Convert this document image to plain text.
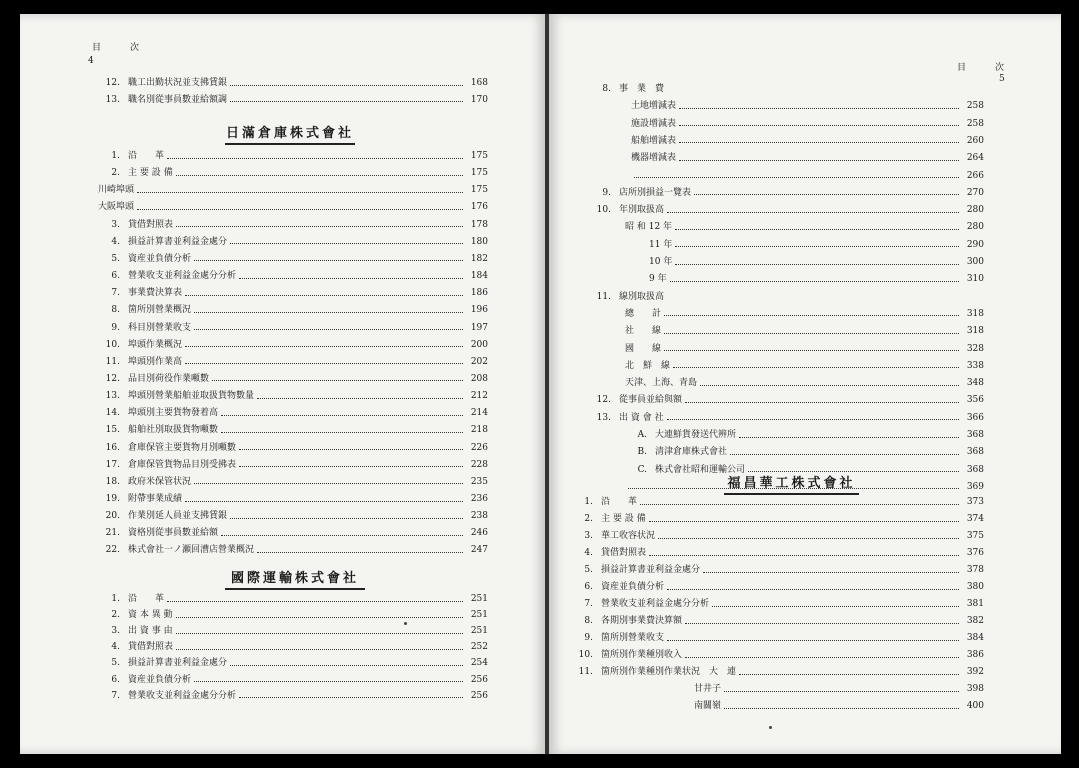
目　次
4
12. 職工出勤状況並支拂賃銀	168
13. 職名別從事員數並給額調	170
日滿倉庫株式會社
1. 沿　　革	175
2. 主 要 設 備	175
川崎埠頭	175
大阪埠頭	176
3. 貸借對照表	178
4. 損益計算書並利益金處分	180
5. 資産並負債分析	182
6. 營業收支並利益金處分分析	184
7. 事業費決算表	186
8. 箇所別營業概況	196
9. 科目別營業收支	197
10. 埠頭作業概況	200
11. 埠頭別作業高	202
12. 品目別荷役作業噸數	208
13. 埠頭別營業船舶並取扱貨物數量	212
14. 埠頭別主要貨物發着高	214
15. 船舶社別取扱貨物噸數	218
16. 倉庫保管主要貨物月別噸數	226
17. 倉庫保管貨物品目別受拂表	228
18. 政府米保管状況	235
19. 附帶事業成績	236
20. 作業別延人員並支拂賃銀	238
21. 資格別從事員數並給額	246
22. 株式會社一ノ瀬回漕店營業概況	247
國際運輸株式會社
1. 沿　　革	251
2. 資 本 異 動	251
3. 出 資 事 由	251
4. 貸借對照表	252
5. 損益計算書並利益金處分	254
6. 資産並負債分析	256
7. 營業收支並利益金處分分析	256
目　次
5
8. 事　業　費
土地增減表	258
施設增減表	258
船舶增減表	260
機器增減表	264
266
9. 店所別損益一覽表	270
10. 年別取扱高	280
昭 和 12 年	280
11 年	290
10 年	300
9 年	310
11. 線別取扱高
總　　計	318
社　　線	318
國　　線	328
北　鮮　線	338
天津、上海、青島	348
12. 從事員並給與額	356
13. 出 資 會 社	366
A. 大連鮮貨發送代辨所	368
B. 清津倉庫株式會社	368
C. 株式會社昭和運輸公司	368
369
福昌華工株式會社
1. 沿　　革	373
2. 主 要 設 備	374
3. 華工收容状況	375
4. 貸借對照表	376
5. 損益計算書並利益金處分	378
6. 資産並負債分析	380
7. 營業收支並利益金處分分析	381
8. 各期別事業費決算額	382
9. 箇所別營業收支	384
10. 箇所別作業種別收入	386
11. 箇所別作業種別作業状況　大　連	392
甘井子	398
南關嶺	400
